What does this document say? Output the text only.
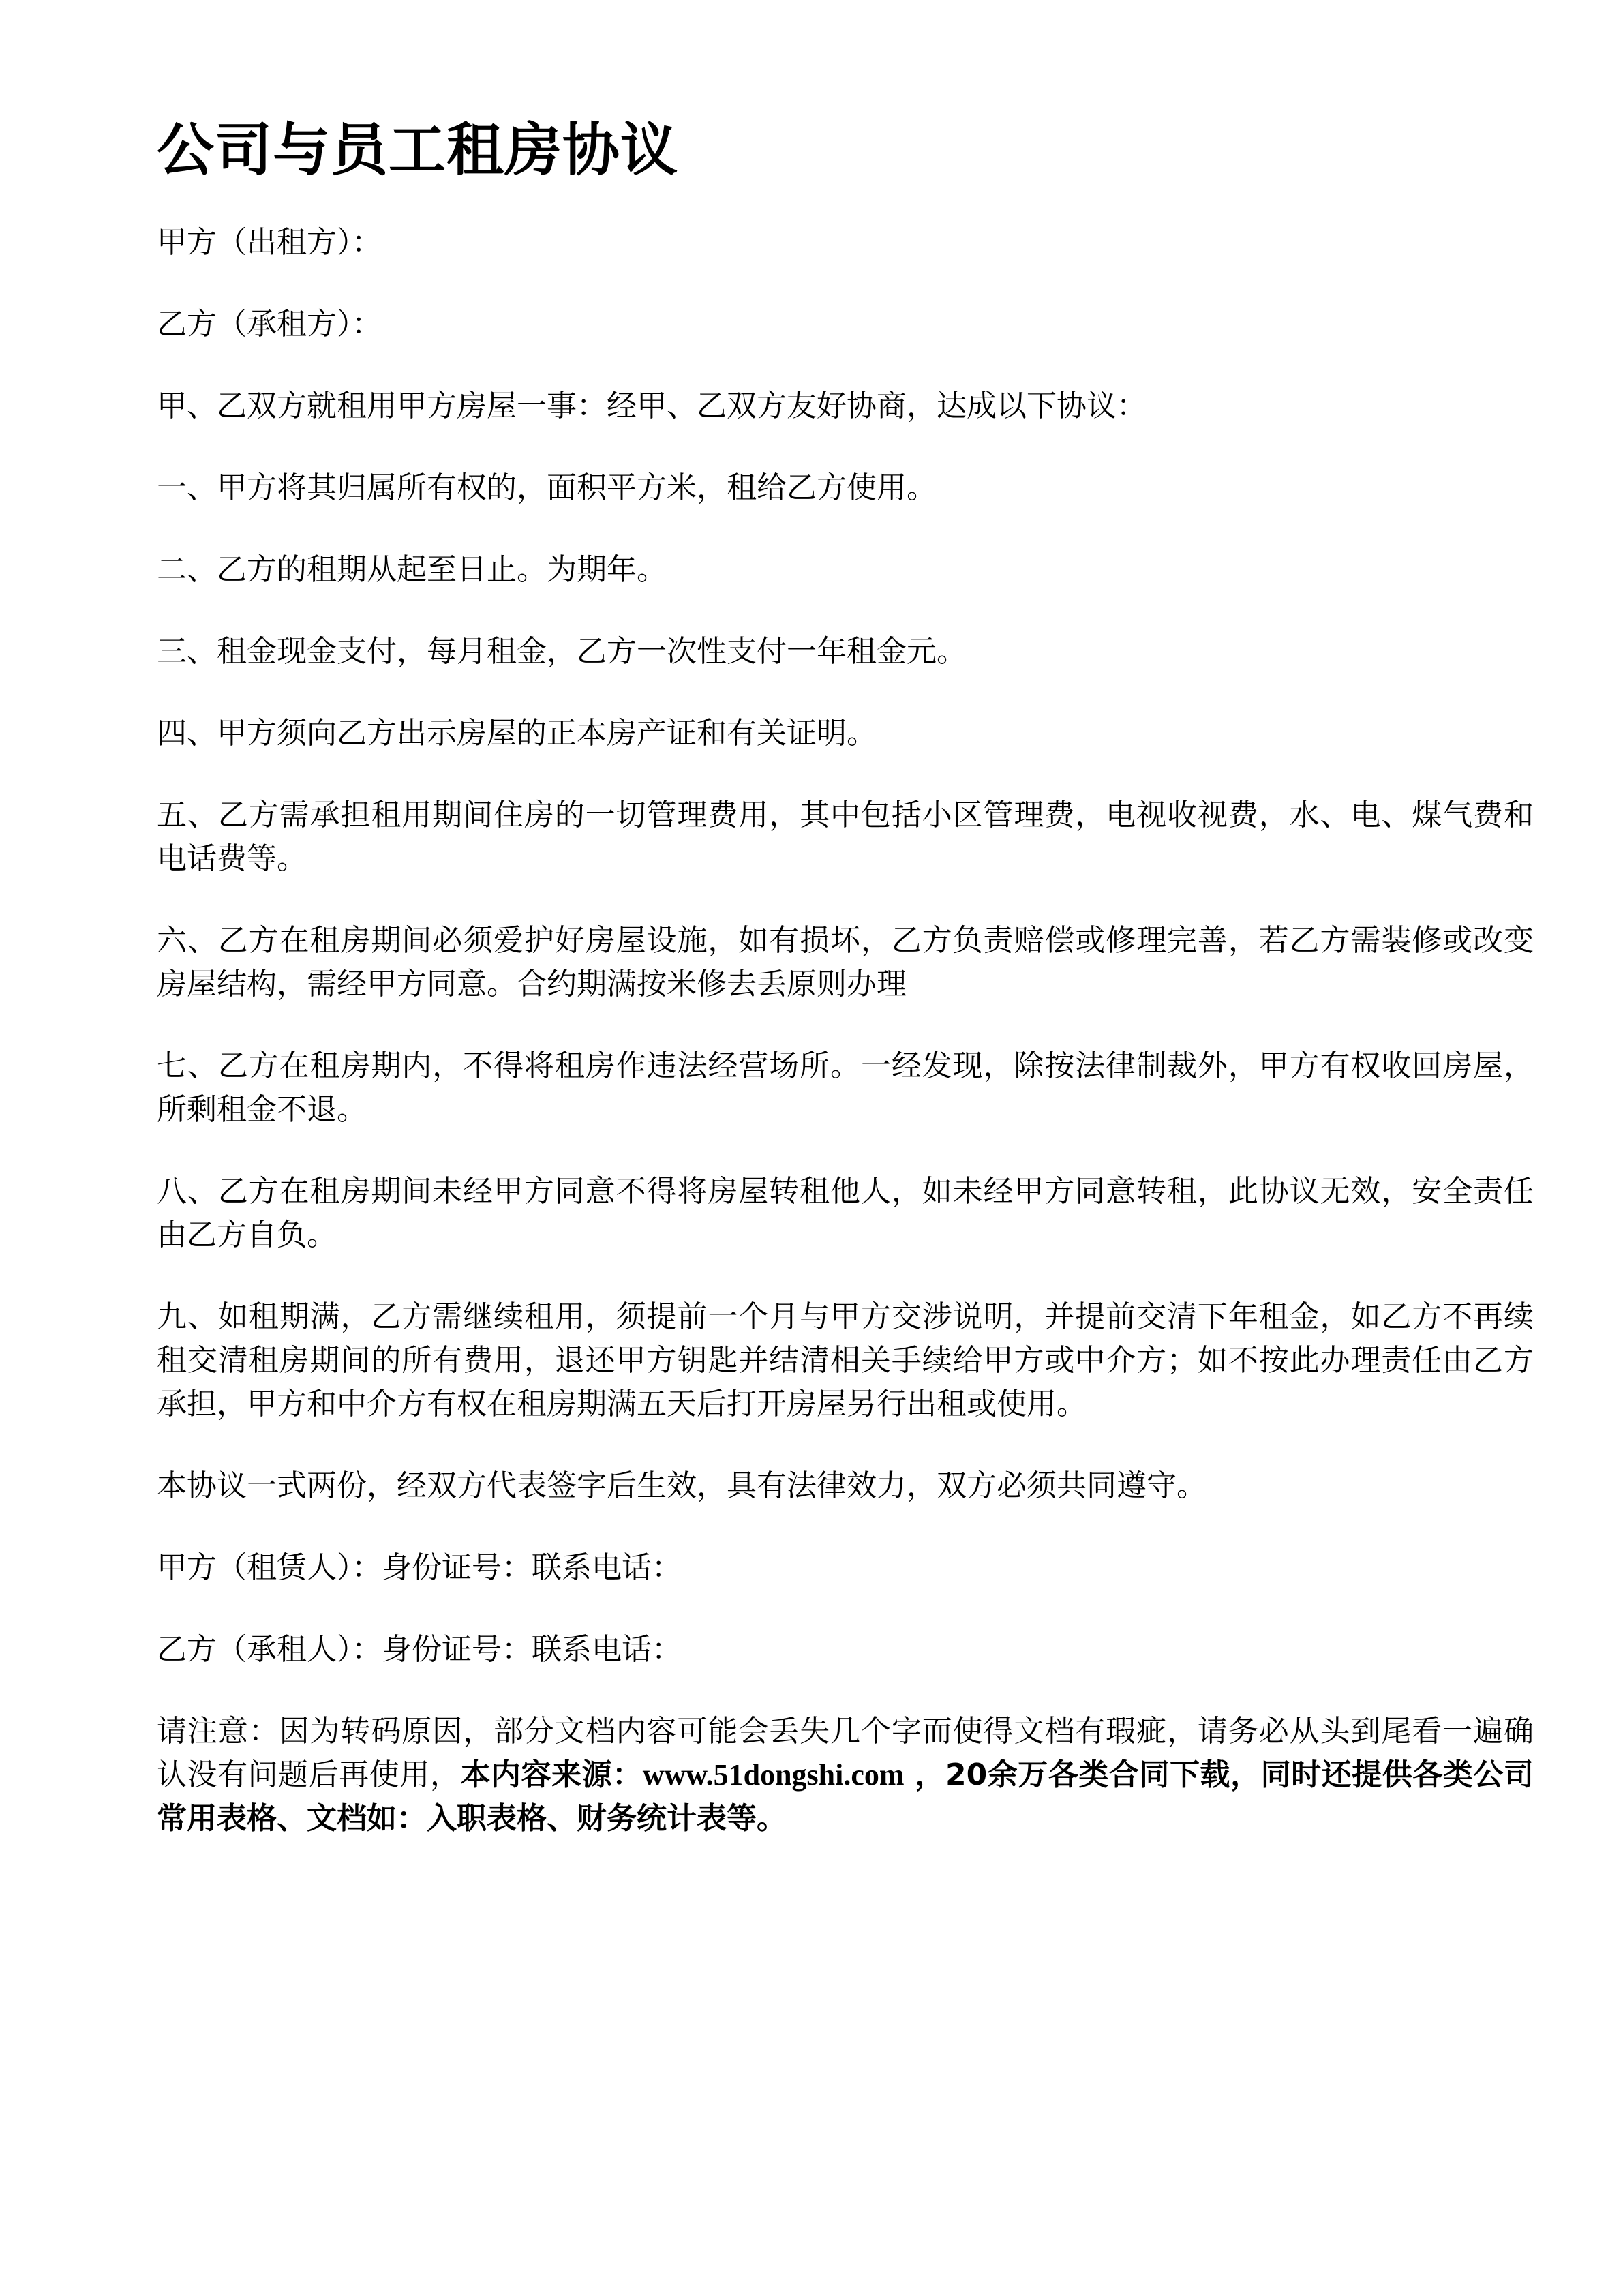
公司与员工租房协议

甲方（出租方）：

乙方（承租方）：

甲、乙双方就租用甲方房屋一事：经甲、乙双方友好协商，达成以下协议：

一、甲方将其归属所有权的，面积平方米，租给乙方使用。

二、乙方的租期从起至日止。为期年。

三、租金现金支付，每月租金，乙方一次性支付一年租金元。

四、甲方须向乙方出示房屋的正本房产证和有关证明。

五、乙方需承担租用期间住房的一切管理费用，其中包括小区管理费，电视收视费，水、电、煤气费和电话费等。

六、乙方在租房期间必须爱护好房屋设施，如有损坏，乙方负责赔偿或修理完善，若乙方需装修或改变房屋结构，需经甲方同意。合约期满按米修去丢原则办理

七、乙方在租房期内，不得将租房作违法经营场所。一经发现，除按法律制裁外，甲方有权收回房屋，所剩租金不退。

八、乙方在租房期间未经甲方同意不得将房屋转租他人，如未经甲方同意转租，此协议无效，安全责任由乙方自负。

九、如租期满，乙方需继续租用，须提前一个月与甲方交涉说明，并提前交清下年租金，如乙方不再续租交清租房期间的所有费用，退还甲方钥匙并结清相关手续给甲方或中介方；如不按此办理责任由乙方承担，甲方和中介方有权在租房期满五天后打开房屋另行出租或使用。

本协议一式两份，经双方代表签字后生效，具有法律效力，双方必须共同遵守。

甲方（租赁人）：身份证号：联系电话：

乙方（承租人）：身份证号：联系电话：

请注意：因为转码原因，部分文档内容可能会丢失几个字而使得文档有瑕疵，请务必从头到尾看一遍确认没有问题后再使用，本内容来源：www.51dongshi.com ，20余万各类合同下载，同时还提供各类公司常用表格、文档如：入职表格、财务统计表等。
